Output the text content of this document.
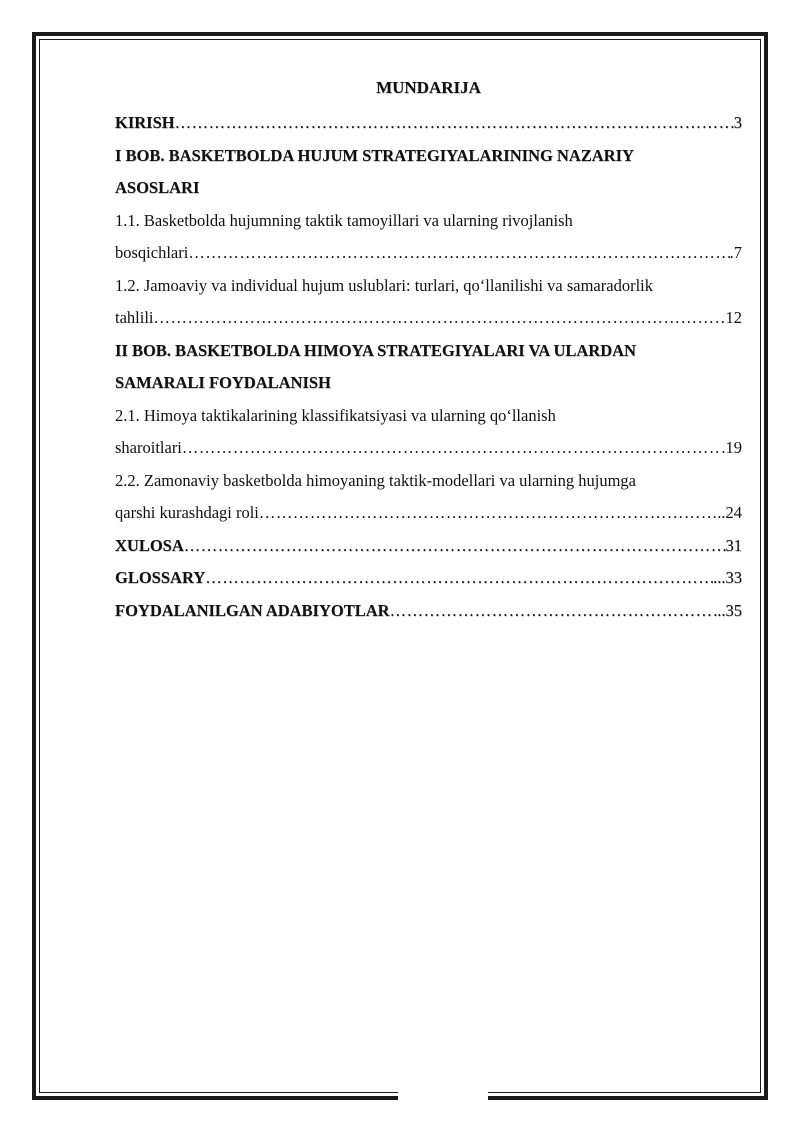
MUNDARIJA
KIRISH ………………………………………………………………………………………………………………………………………………	3
I BOB. BASKETBOLDA HUJUM STRATEGIYALARINING NAZARIY
ASOSLARI
1.1. Basketbolda hujumning taktik tamoyillari va ularning rivojlanish
bosqichlari ………………………………………………………………………………………………………………………………………………	.7
1.2. Jamoaviy va individual hujum uslublari: turlari, qo‘llanilishi va samaradorlik
tahlili ………………………………………………………………………………………………………………………………………………	12
II BOB. BASKETBOLDA HIMOYA STRATEGIYALARI VA ULARDAN
SAMARALI FOYDALANISH
2.1. Himoya taktikalarining klassifikatsiyasi va ularning qo‘llanish
sharoitlari ………………………………………………………………………………………………………………………………………………	.19
2.2. Zamonaviy basketbolda himoyaning taktik-modellari va ularning hujumga
qarshi kurashdagi roli ………………………………………………………………………………………………………………………………………………	..24
XULOSA ………………………………………………………………………………………………………………………………………………	31
GLOSSARY ………………………………………………………………………………………………………………………………………………	...33
FOYDALANILGAN ADABIYOTLAR ………………………………………………………………………………………………………………………………………………	..35
